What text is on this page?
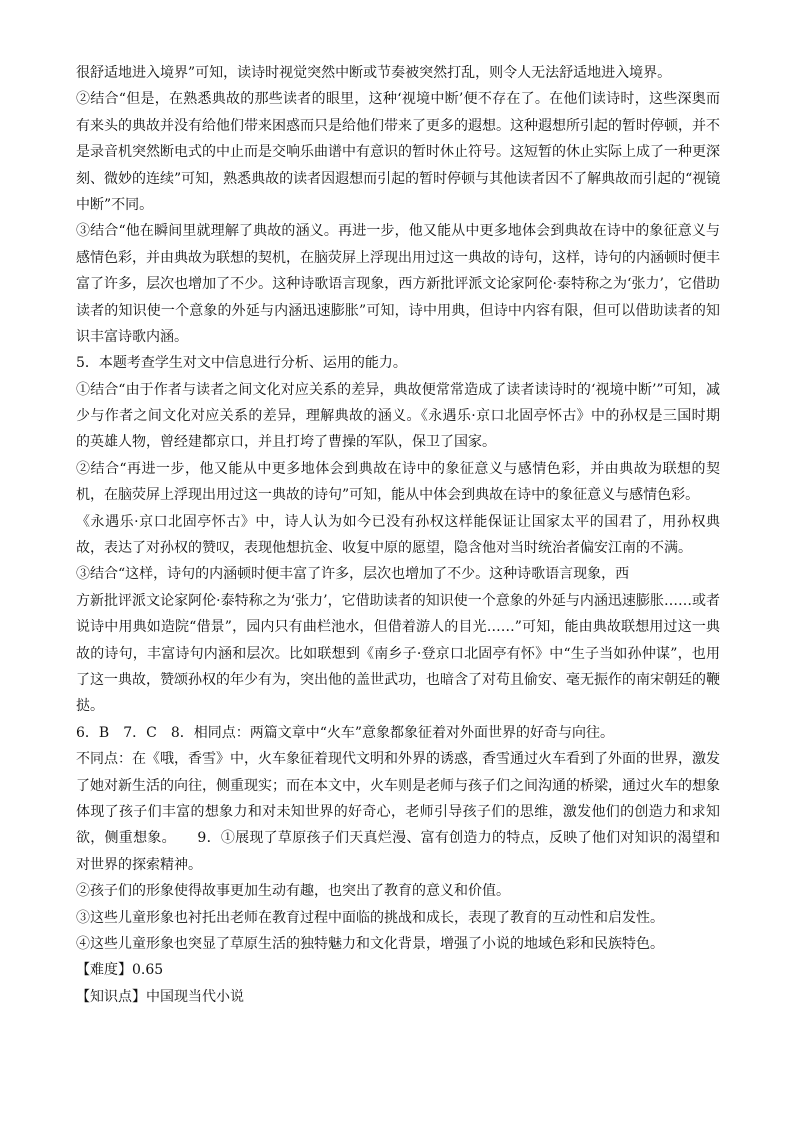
很舒适地进入境界”可知，读诗时视觉突然中断或节奏被突然打乱，则令人无法舒适地进入境界。
②结合“但是，在熟悉典故的那些读者的眼里，这种‘视境中断’便不存在了。在他们读诗时，这些深奥而
有来头的典故并没有给他们带来困惑而只是给他们带来了更多的遐想。这种遐想所引起的暂时停顿，并不
是录音机突然断电式的中止而是交响乐曲谱中有意识的暂时休止符号。这短暂的休止实际上成了一种更深
刻、微妙的连续”可知，熟悉典故的读者因遐想而引起的暂时停顿与其他读者因不了解典故而引起的“视镜
中断”不同。
③结合“他在瞬间里就理解了典故的涵义。再进一步，他又能从中更多地体会到典故在诗中的象征意义与
感情色彩，并由典故为联想的契机，在脑荧屏上浮现出用过这一典故的诗句，这样，诗句的内涵顿时便丰
富了许多，层次也增加了不少。这种诗歌语言现象，西方新批评派文论家阿伦·泰特称之为‘张力’，它借助
读者的知识使一个意象的外延与内涵迅速膨胀”可知，诗中用典，但诗中内容有限，但可以借助读者的知
识丰富诗歌内涵。
5．本题考查学生对文中信息进行分析、运用的能力。
①结合“由于作者与读者之间文化对应关系的差异，典故便常常造成了读者读诗时的‘视境中断’”可知，减
少与作者之间文化对应关系的差异，理解典故的涵义。《永遇乐·京口北固亭怀古》中的孙权是三国时期
的英雄人物，曾经建都京口，并且打垮了曹操的军队，保卫了国家。
②结合“再进一步，他又能从中更多地体会到典故在诗中的象征意义与感情色彩，并由典故为联想的契
机，在脑荧屏上浮现出用过这一典故的诗句”可知，能从中体会到典故在诗中的象征意义与感情色彩。
《永遇乐·京口北固亭怀古》中，诗人认为如今已没有孙权这样能保证让国家太平的国君了，用孙权典
故，表达了对孙权的赞叹，表现他想抗金、收复中原的愿望，隐含他对当时统治者偏安江南的不满。
③结合“这样，诗句的内涵顿时便丰富了许多，层次也增加了不少。这种诗歌语言现象，西
方新批评派文论家阿伦·泰特称之为‘张力’，它借助读者的知识使一个意象的外延与内涵迅速膨胀……或者
说诗中用典如造院“借景”，园内只有曲栏池水，但借着游人的目光……”可知，能由典故联想用过这一典
故的诗句，丰富诗句内涵和层次。比如联想到《南乡子·登京口北固亭有怀》中“生子当如孙仲谋”，也用
了这一典故，赞颂孙权的年少有为，突出他的盖世武功，也暗含了对苟且偷安、毫无振作的南宋朝廷的鞭
挞。
6．B　7．C　8．相同点：两篇文章中“火车”意象都象征着对外面世界的好奇与向往。
不同点：在《哦，香雪》中，火车象征着现代文明和外界的诱惑，香雪通过火车看到了外面的世界，激发
了她对新生活的向往，侧重现实；而在本文中，火车则是老师与孩子们之间沟通的桥梁，通过火车的想象
体现了孩子们丰富的想象力和对未知世界的好奇心，老师引导孩子们的思维，激发他们的创造力和求知
欲，侧重想象。　　9．①展现了草原孩子们天真烂漫、富有创造力的特点，反映了他们对知识的渴望和
对世界的探索精神。
②孩子们的形象使得故事更加生动有趣，也突出了教育的意义和价值。
③这些儿童形象也衬托出老师在教育过程中面临的挑战和成长，表现了教育的互动性和启发性。
④这些儿童形象也突显了草原生活的独特魅力和文化背景，增强了小说的地域色彩和民族特色。
【难度】0.65
【知识点】中国现当代小说
